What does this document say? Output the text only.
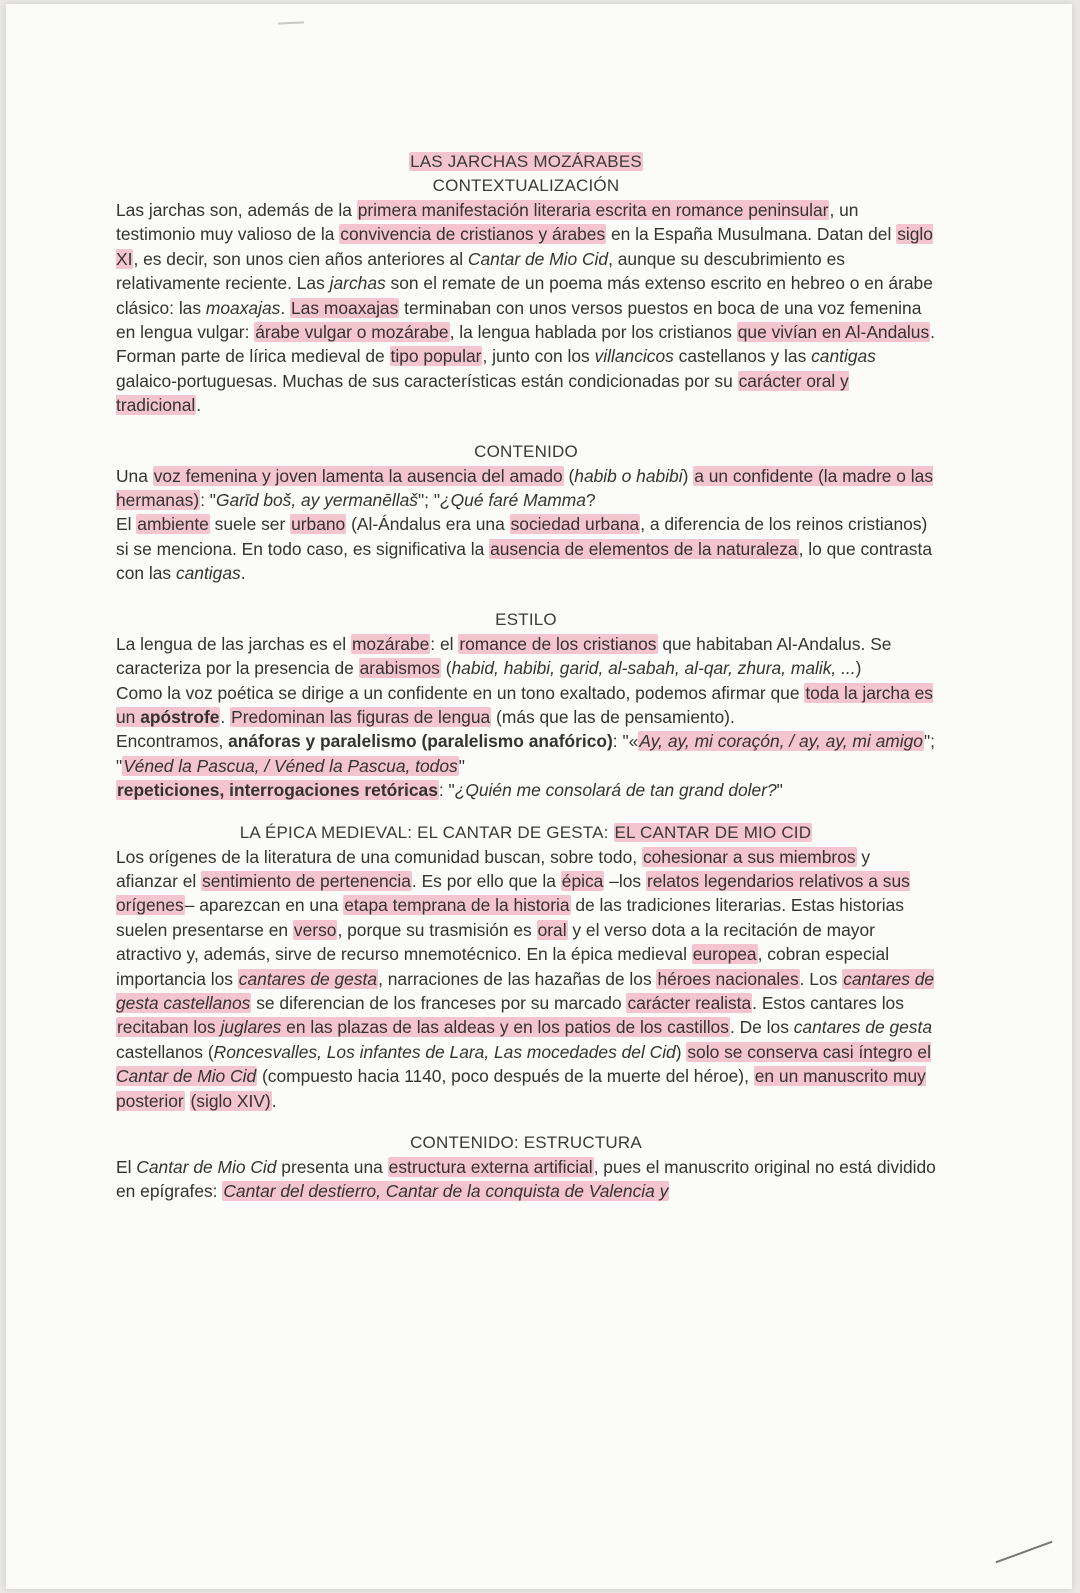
LAS JARCHAS MOZÁRABES
CONTEXTUALIZACIÓN

Las jarchas son, además de la primera manifestación literaria escrita en romance peninsular, un testimonio muy valioso de la convivencia de cristianos y árabes en la España Musulmana. Datan del siglo XI, es decir, son unos cien años anteriores al Cantar de Mio Cid, aunque su descubrimiento es relativamente reciente. Las jarchas son el remate de un poema más extenso escrito en hebreo o en árabe clásico: las moaxajas. Las moaxajas terminaban con unos versos puestos en boca de una voz femenina en lengua vulgar: árabe vulgar o mozárabe, la lengua hablada por los cristianos que vivían en Al-Andalus. Forman parte de lírica medieval de tipo popular, junto con los villancicos castellanos y las cantigas galaico-portuguesas. Muchas de sus características están condicionadas por su carácter oral y tradicional.

CONTENIDO

Una voz femenina y joven lamenta la ausencia del amado (habib o habibi) a un confidente (la madre o las hermanas): "Garīd boš, ay yermanēllaš"; "¿Qué faré Mamma?

El ambiente suele ser urbano (Al-Ándalus era una sociedad urbana, a diferencia de los reinos cristianos) si se menciona. En todo caso, es significativa la ausencia de elementos de la naturaleza, lo que contrasta con las cantigas.

ESTILO

La lengua de las jarchas es el mozárabe: el romance de los cristianos que habitaban Al-Andalus. Se caracteriza por la presencia de arabismos (habid, habibi, garid, al-sabah, al-qar, zhura, malik, ...)

Como la voz poética se dirige a un confidente en un tono exaltado, podemos afirmar que toda la jarcha es un apóstrofe. Predominan las figuras de lengua (más que las de pensamiento).

Encontramos, anáforas y paralelismo (paralelismo anafórico): "«Ay, ay, mi coraçón, / ay, ay, mi amigo"; "Véned la Pascua, / Véned la Pascua, todos"

repeticiones, interrogaciones retóricas: "¿Quién me consolará de tan grand doler?"

LA ÉPICA MEDIEVAL: EL CANTAR DE GESTA: EL CANTAR DE MIO CID

Los orígenes de la literatura de una comunidad buscan, sobre todo, cohesionar a sus miembros y afianzar el sentimiento de pertenencia. Es por ello que la épica –los relatos legendarios relativos a sus orígenes– aparezcan en una etapa temprana de la historia de las tradiciones literarias. Estas historias suelen presentarse en verso, porque su trasmisión es oral y el verso dota a la recitación de mayor atractivo y, además, sirve de recurso mnemotécnico. En la épica medieval europea, cobran especial importancia los cantares de gesta, narraciones de las hazañas de los héroes nacionales. Los cantares de gesta castellanos se diferencian de los franceses por su marcado carácter realista. Estos cantares los recitaban los juglares en las plazas de las aldeas y en los patios de los castillos. De los cantares de gesta castellanos (Roncesvalles, Los infantes de Lara, Las mocedades del Cid) solo se conserva casi íntegro el Cantar de Mio Cid (compuesto hacia 1140, poco después de la muerte del héroe), en un manuscrito muy posterior (siglo XIV).

CONTENIDO: ESTRUCTURA

El Cantar de Mio Cid presenta una estructura externa artificial, pues el manuscrito original no está dividido en epígrafes: Cantar del destierro, Cantar de la conquista de Valencia y
